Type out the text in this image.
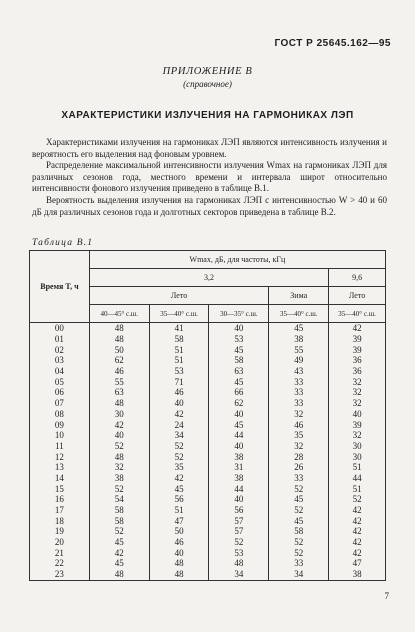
ГОСТ Р 25645.162—95
ПРИЛОЖЕНИЕ В
(справочное)
ХАРАКТЕРИСТИКИ ИЗЛУЧЕНИЯ НА ГАРМОНИКАХ ЛЭП

Характеристиками излучения на гармониках ЛЭП являются интенсивность излучения и вероятность его выделения над фоновым уровнем.

Распределение максимальной интенсивности излучения Wmах на гармониках ЛЭП для различных сезонов года, местного времени и интервала широт относительно интенсивности фонового излучения приведено в таблице В.1.

Вероятность выделения излучения на гармониках ЛЭП с интенсивностью W > 40 и 60 дБ для различных сезонов года и долготных секторов приведена в таблице В.2.

Таблица В.1
Время T, ч	Wmах, дБ, для частоты, кГц				
	3,2				9,6
	Лето			Зима	Лето
	40—45° с.ш.	35—40° с.ш.	30—35° с.ш.	35—40° с.ш.	35—40° с.ш.
00	48	41	40	45	42
01	48	58	53	38	39
02	50	51	45	55	39
03	62	51	58	49	36
04	46	53	63	43	36
05	55	71	45	33	32
06	63	46	66	33	32
07	48	40	62	33	32
08	30	42	40	32	40
09	42	24	45	46	39
10	40	34	44	35	32
11	52	52	40	32	30
12	48	52	38	28	30
13	32	35	31	26	51
14	38	42	38	33	44
15	52	45	44	52	51
16	54	56	40	45	52
17	58	51	56	52	42
18	58	47	57	45	42
19	52	50	57	58	42
20	45	46	52	52	42
21	42	40	53	52	42
22	45	48	48	33	47
23	48	48	34	34	38
7
